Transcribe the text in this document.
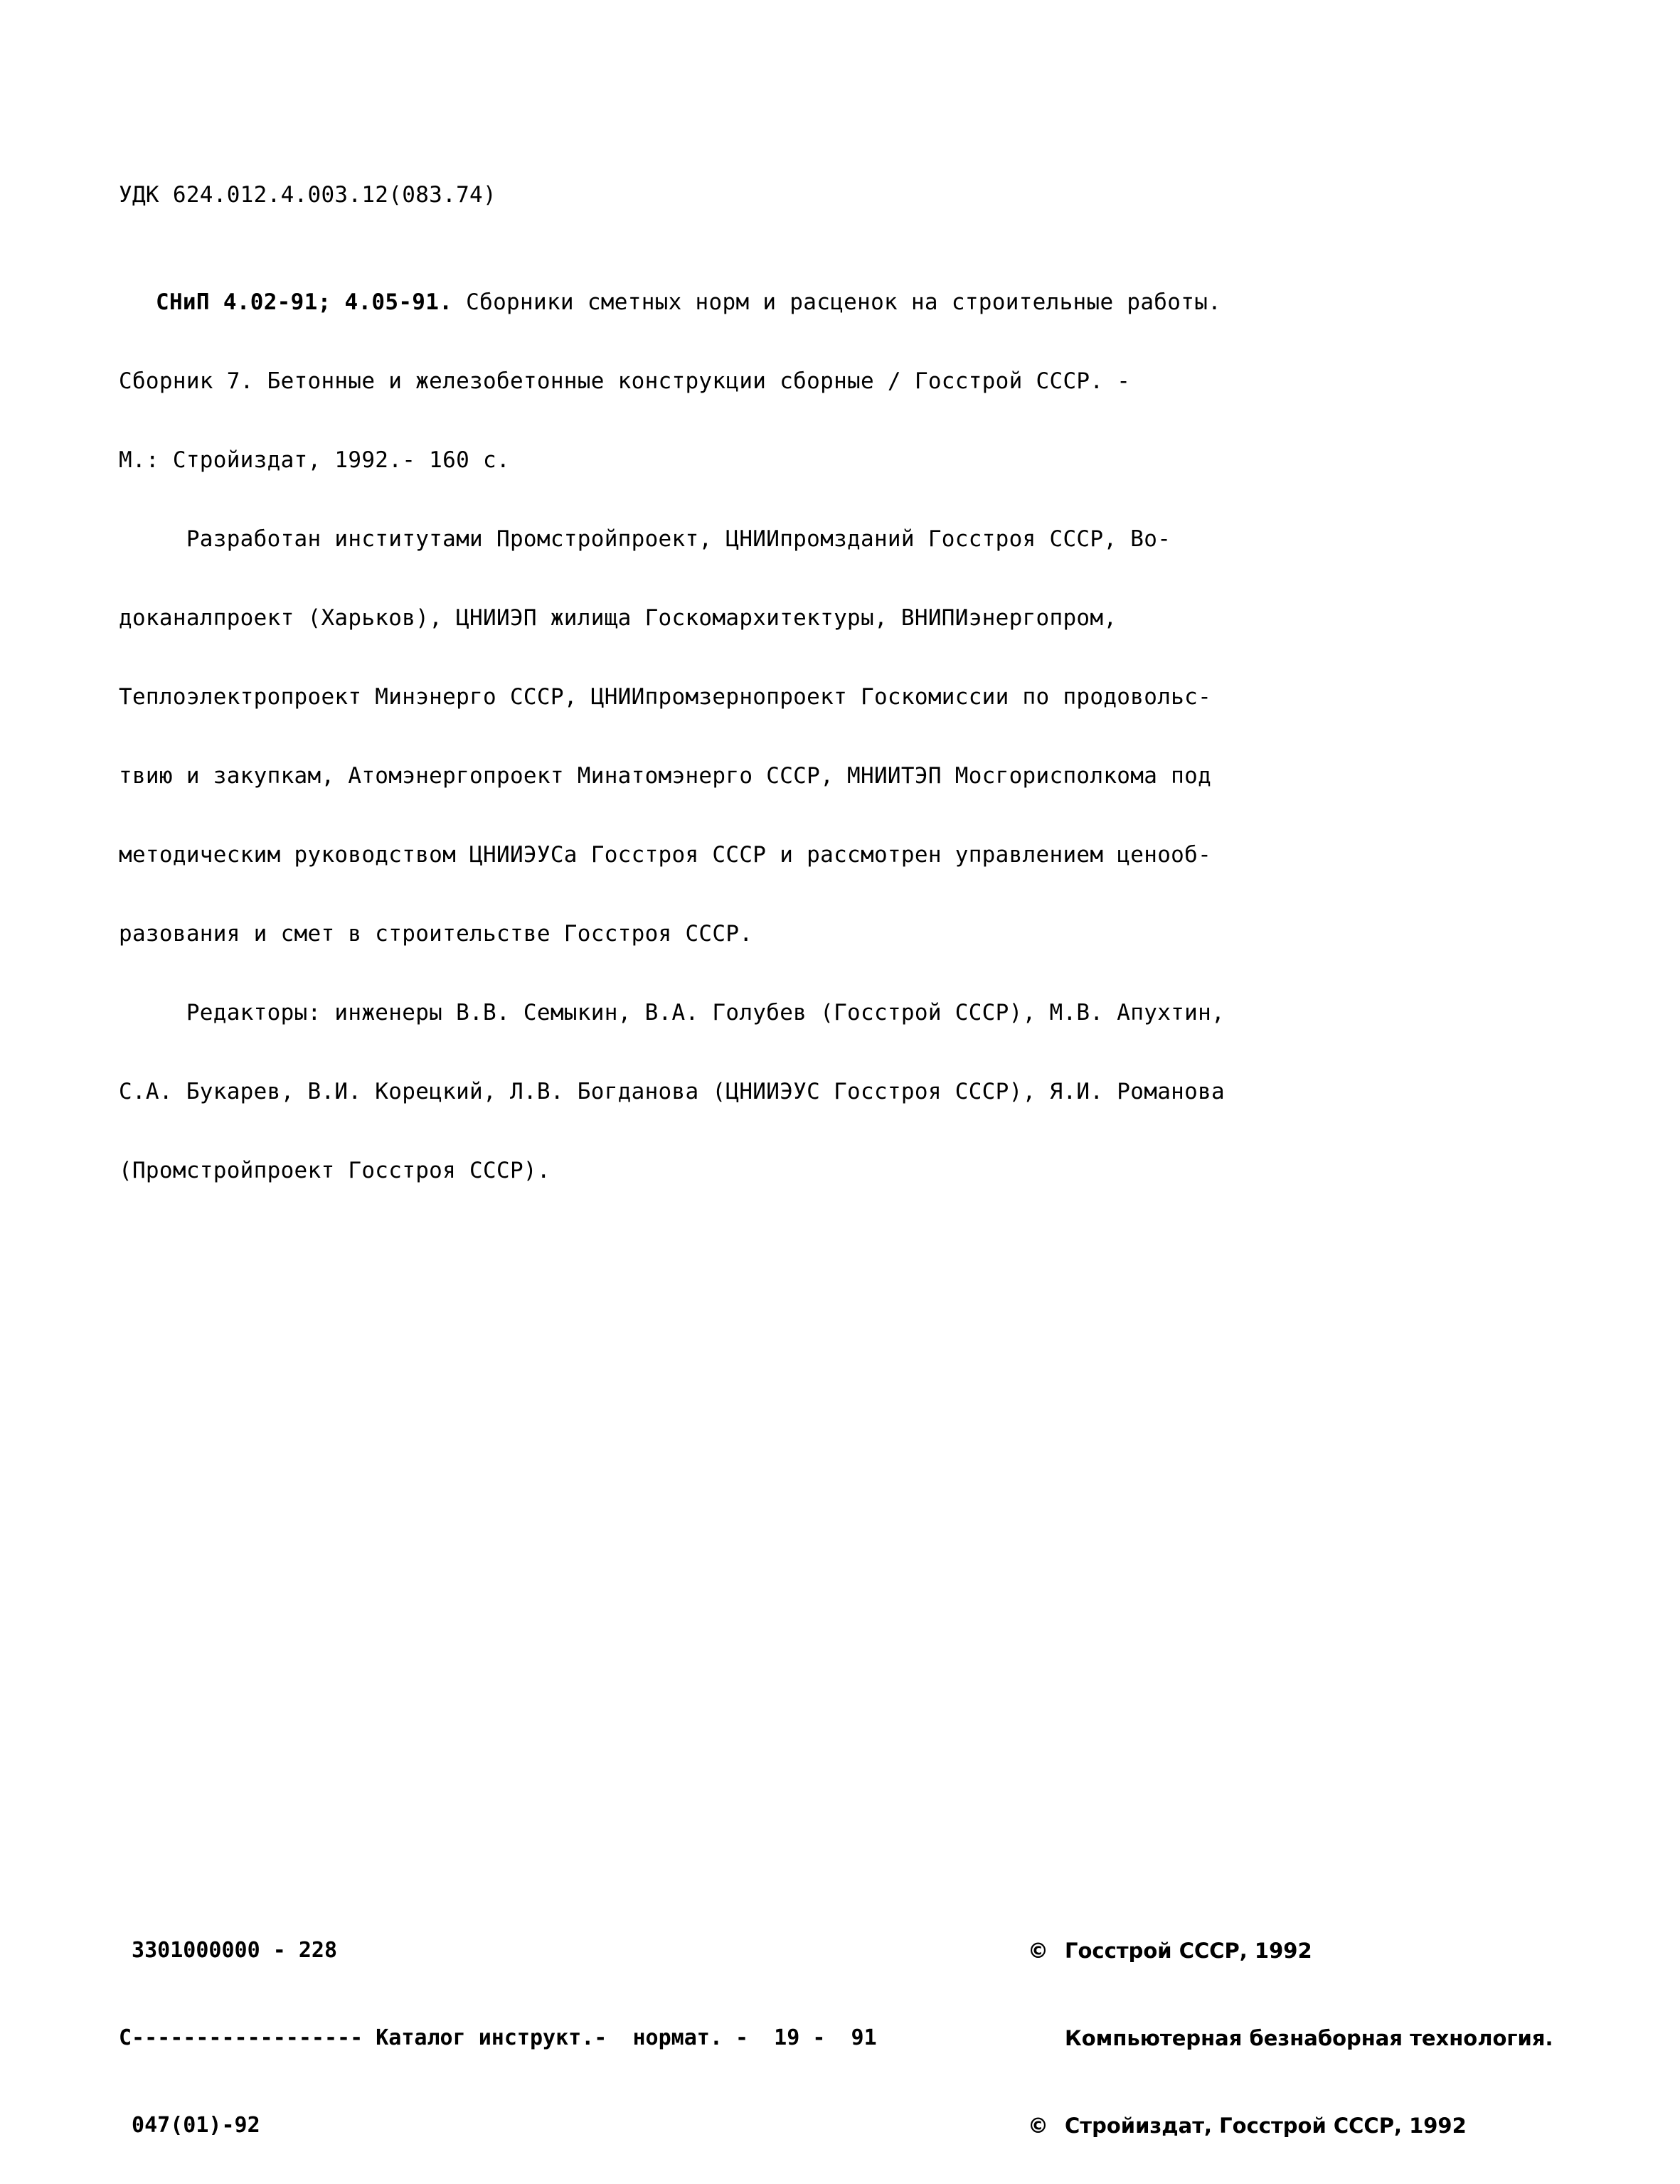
УДК 624.012.4.003.12(083.74)

СНиП 4.02-91; 4.05-91. Сборники сметных норм и расценок на строительные работы.

Сборник 7. Бетонные и железобетонные конструкции сборные / Госстрой СССР. -

М.: Стройиздат, 1992.- 160 с.

Разработан институтами Промстройпроект, ЦНИИпромзданий Госстроя СССР, Во-

доканалпроект (Харьков), ЦНИИЭП жилища Госкомархитектуры, ВНИПИэнергопром,

Теплоэлектропроект Минэнерго СССР, ЦНИИпромзернопроект Госкомиссии по продовольс-

твию и закупкам, Атомэнергопроект Минатомэнерго СССР, МНИИТЭП Мосгорисполкома под

методическим руководством ЦНИИЭУСа Госстроя СССР и рассмотрен управлением ценооб-

разования и смет в строительстве Госстроя СССР.

Редакторы: инженеры В.В. Семыкин, В.А. Голубев (Госстрой СССР), М.В. Апухтин,

С.А. Букарев, В.И. Корецкий, Л.В. Богданова (ЦНИИЭУС Госстроя СССР), Я.И. Романова

(Промстройпроект Госстроя СССР).

3301000000 - 228

С------------------ Каталог инструкт.-  нормат. -  19 -  91

047(01)-92

© Госстрой СССР, 1992

Компьютерная безнаборная технология.

© Стройиздат, Госстрой СССР, 1992
